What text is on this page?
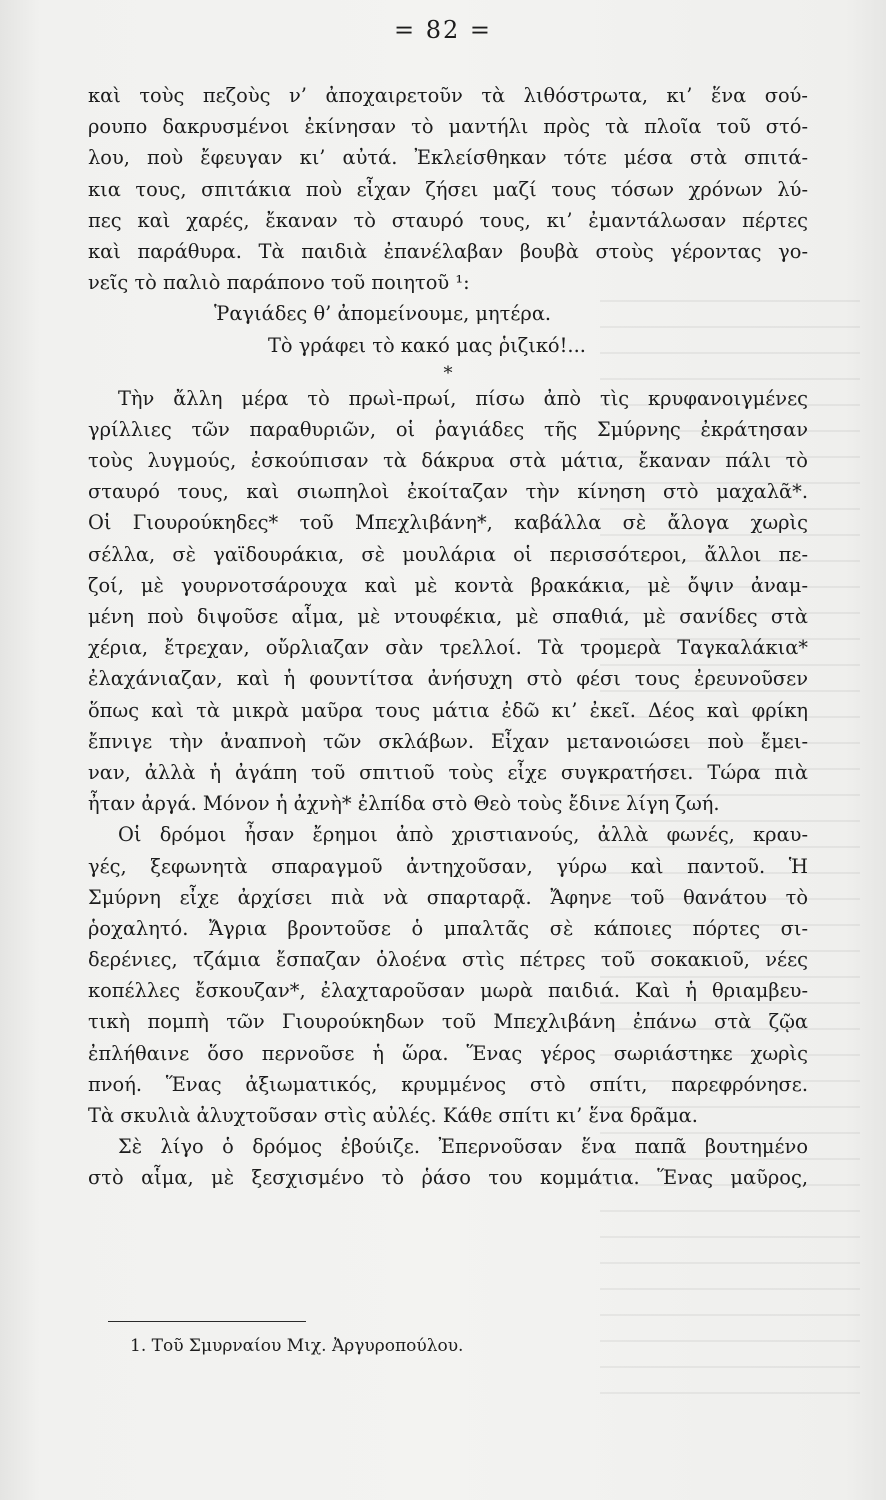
= 82 =
καὶ τοὺς πεζοὺς ν’ ἀποχαιρετοῦν τὰ λιθόστρωτα, κι’ ἕνα σού-
ρουπο δακρυσμένοι ἐκίνησαν τὸ μαντήλι πρὸς τὰ πλοῖα τοῦ στό-
λου, ποὺ ἔφευγαν κι’ αὐτά. Ἐκλείσθηκαν τότε μέσα στὰ σπιτά-
κια τους, σπιτάκια ποὺ εἶχαν ζήσει μαζί τους τόσων χρόνων λύ-
πες καὶ χαρές, ἔκαναν τὸ σταυρό τους, κι’ ἐμαντάλωσαν πέρτες
καὶ παράθυρα. Τὰ παιδιὰ ἐπανέλαβαν βουβὰ στοὺς γέροντας γο-
νεῖς τὸ παλιὸ παράπονο τοῦ ποιητοῦ ¹:
Ῥαγιάδες θ’ ἀπομείνουμε, μητέρα.
Τὸ γράφει τὸ κακό μας ῥιζικό!...
*
Τὴν ἄλλη μέρα τὸ πρωὶ-πρωί, πίσω ἀπὸ τὶς κρυφανοιγμένες
γρίλλιες τῶν παραθυριῶν, οἱ ῥαγιάδες τῆς Σμύρνης ἐκράτησαν
τοὺς λυγμούς, ἐσκούπισαν τὰ δάκρυα στὰ μάτια, ἔκαναν πάλι τὸ
σταυρό τους, καὶ σιωπηλοὶ ἐκοίταζαν τὴν κίνηση στὸ μαχαλᾶ*.
Οἱ Γιουρούκηδες* τοῦ Μπεχλιβάνη*, καβάλλα σὲ ἄλογα χωρὶς
σέλλα, σὲ γαϊδουράκια, σὲ μουλάρια οἱ περισσότεροι, ἄλλοι πε-
ζοί, μὲ γουρνοτσάρουχα καὶ μὲ κοντὰ βρακάκια, μὲ ὄψιν ἀναμ-
μένη ποὺ διψοῦσε αἷμα, μὲ ντουφέκια, μὲ σπαθιά, μὲ σανίδες στὰ
χέρια, ἔτρεχαν, οὔρλιαζαν σὰν τρελλοί. Τὰ τρομερὰ Ταγκαλάκια*
ἐλαχάνιαζαν, καὶ ἡ φουντίτσα ἀνήσυχη στὸ φέσι τους ἐρευνοῦσεν
ὅπως καὶ τὰ μικρὰ μαῦρα τους μάτια ἐδῶ κι’ ἐκεῖ. Δέος καὶ φρίκη
ἔπνιγε τὴν ἀναπνοὴ τῶν σκλάβων. Εἶχαν μετανοιώσει ποὺ ἔμει-
ναν, ἀλλὰ ἡ ἀγάπη τοῦ σπιτιοῦ τοὺς εἶχε συγκρατήσει. Τώρα πιὰ
ἦταν ἀργά. Μόνον ἡ ἀχνὴ* ἐλπίδα στὸ Θεὸ τοὺς ἔδινε λίγη ζωή.
Οἱ δρόμοι ἦσαν ἔρημοι ἀπὸ χριστιανούς, ἀλλὰ φωνές, κραυ-
γές, ξεφωνητὰ σπαραγμοῦ ἀντηχοῦσαν, γύρω καὶ παντοῦ. Ἡ
Σμύρνη εἶχε ἀρχίσει πιὰ νὰ σπαρταρᾷ. Ἄφηνε τοῦ θανάτου τὸ
ῥοχαλητό. Ἄγρια βροντοῦσε ὁ μπαλτᾶς σὲ κάποιες πόρτες σι-
δερένιες, τζάμια ἔσπαζαν ὁλοένα στὶς πέτρες τοῦ σοκακιοῦ, νέες
κοπέλλες ἔσκουζαν*, ἐλαχταροῦσαν μωρὰ παιδιά. Καὶ ἡ θριαμβευ-
τικὴ πομπὴ τῶν Γιουρούκηδων τοῦ Μπεχλιβάνη ἐπάνω στὰ ζῷα
ἐπλήθαινε ὅσο περνοῦσε ἡ ὥρα. Ἕνας γέρος σωριάστηκε χωρὶς
πνοή. Ἕνας ἀξιωματικός, κρυμμένος στὸ σπίτι, παρεφρόνησε.
Τὰ σκυλιὰ ἀλυχτοῦσαν στὶς αὐλές. Κάθε σπίτι κι’ ἕνα δρᾶμα.
Σὲ λίγο ὁ δρόμος ἐβούιζε. Ἐπερνοῦσαν ἕνα παπᾶ βουτημένο
στὸ αἷμα, μὲ ξεσχισμένο τὸ ῥάσο του κομμάτια. Ἕνας μαῦρος,
1. Τοῦ Σμυρναίου Μιχ. Ἀργυροπούλου.
